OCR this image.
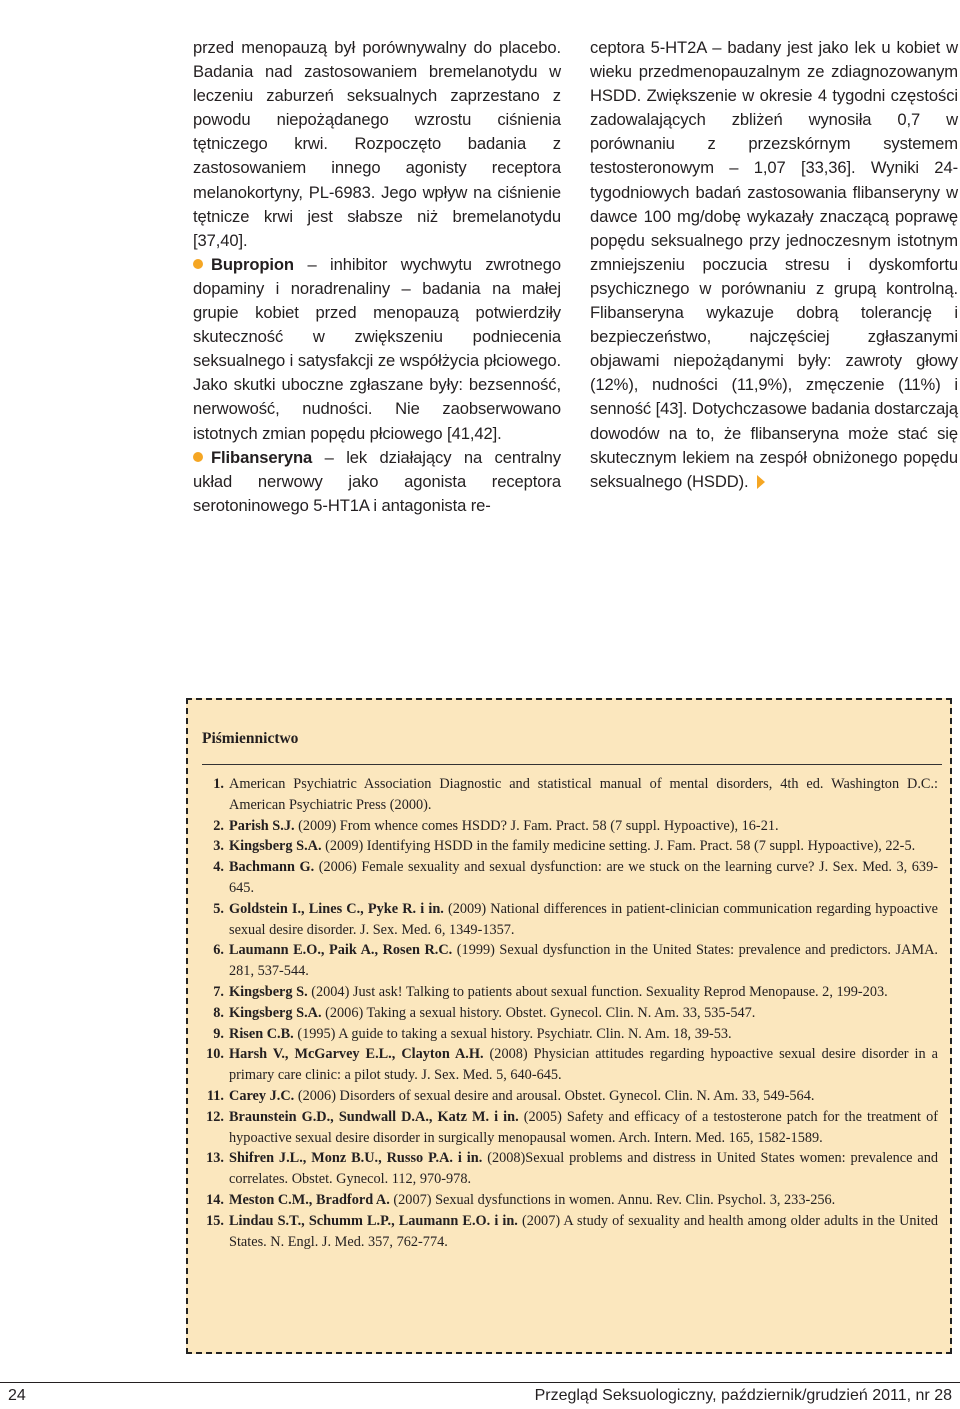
przed menopauzą był porównywalny do placebo. Badania nad zastosowaniem bremelanotydu w leczeniu zaburzeń seksualnych zaprzestano z powodu niepożądanego wzrostu ciśnienia tętniczego krwi. Rozpoczęto badania z zastosowaniem innego agonisty receptora melanokortyny, PL-6983. Jego wpływ na ciśnienie tętnicze krwi jest słabsze niż bremelanotydu [37,40].

Bupropion – inhibitor wychwytu zwrotnego dopaminy i noradrenaliny – badania na małej grupie kobiet przed menopauzą potwierdziły skuteczność w zwiększeniu podniecenia seksualnego i satysfakcji ze współżycia płciowego. Jako skutki uboczne zgłaszane były: bezsenność, nerwowość, nudności. Nie zaobserwowano istotnych zmian popędu płciowego [41,42].

Flibanseryna – lek działający na centralny układ nerwowy jako agonista receptora serotoninowego 5-HT1A i antagonista re-

ceptora 5-HT2A – badany jest jako lek u kobiet w wieku przedmenopauzalnym ze zdiagnozowanym HSDD. Zwiększenie w okresie 4 tygodni częstości zadowalających zbliżeń wynosiła 0,7 w porównaniu z przezskórnym systemem testosteronowym – 1,07 [33,36]. Wyniki 24-tygodniowych badań zastosowania flibanseryny w dawce 100 mg/dobę wykazały znaczącą poprawę popędu seksualnego przy jednoczesnym istotnym zmniejszeniu poczucia stresu i dyskomfortu psychicznego w porównaniu z grupą kontrolną. Flibanseryna wykazuje dobrą tolerancję i bezpieczeństwo, najczęściej zgłaszanymi objawami niepożądanymi były: zawroty głowy (12%), nudności (11,9%), zmęczenie (11%) i senność [43]. Dotychczasowe badania dostarczają dowodów na to, że flibanseryna może stać się skutecznym lekiem na zespół obniżonego popędu seksualnego (HSDD).

Piśmiennictwo
1. American Psychiatric Association Diagnostic and statistical manual of mental disorders, 4th ed. Washington D.C.: American Psychiatric Press (2000).
2. Parish S.J. (2009) From whence comes HSDD? J. Fam. Pract. 58 (7 suppl. Hypoactive), 16-21.
3. Kingsberg S.A. (2009) Identifying HSDD in the family medicine setting. J. Fam. Pract. 58 (7 suppl. Hypoactive), 22-5.
4. Bachmann G. (2006) Female sexuality and sexual dysfunction: are we stuck on the learning curve? J. Sex. Med. 3, 639-645.
5. Goldstein I., Lines C., Pyke R. i in. (2009) National differences in patient-clinician communication regarding hypoactive sexual desire disorder. J. Sex. Med. 6, 1349-1357.
6. Laumann E.O., Paik A., Rosen R.C. (1999) Sexual dysfunction in the United States: prevalence and predictors. JAMA. 281, 537-544.
7. Kingsberg S. (2004) Just ask! Talking to patients about sexual function. Sexuality Reprod Menopause. 2, 199-203.
8. Kingsberg S.A. (2006) Taking a sexual history. Obstet. Gynecol. Clin. N. Am. 33, 535-547.
9. Risen C.B. (1995) A guide to taking a sexual history. Psychiatr. Clin. N. Am. 18, 39-53.
10. Harsh V., McGarvey E.L., Clayton A.H. (2008) Physician attitudes regarding hypoactive sexual desire disorder in a primary care clinic: a pilot study. J. Sex. Med. 5, 640-645.
11. Carey J.C. (2006) Disorders of sexual desire and arousal. Obstet. Gynecol. Clin. N. Am. 33, 549-564.
12. Braunstein G.D., Sundwall D.A., Katz M. i in. (2005) Safety and efficacy of a testosterone patch for the treatment of hypoactive sexual desire disorder in surgically menopausal women. Arch. Intern. Med. 165, 1582-1589.
13. Shifren J.L., Monz B.U., Russo P.A. i in. (2008)Sexual problems and distress in United States women: prevalence and correlates. Obstet. Gynecol. 112, 970-978.
14. Meston C.M., Bradford A. (2007) Sexual dysfunctions in women. Annu. Rev. Clin. Psychol. 3, 233-256.
15. Lindau S.T., Schumm L.P., Laumann E.O. i in. (2007) A study of sexuality and health among older adults in the United States. N. Engl. J. Med. 357, 762-774.
24	Przegląd Seksuologiczny, październik/grudzień 2011, nr 28
